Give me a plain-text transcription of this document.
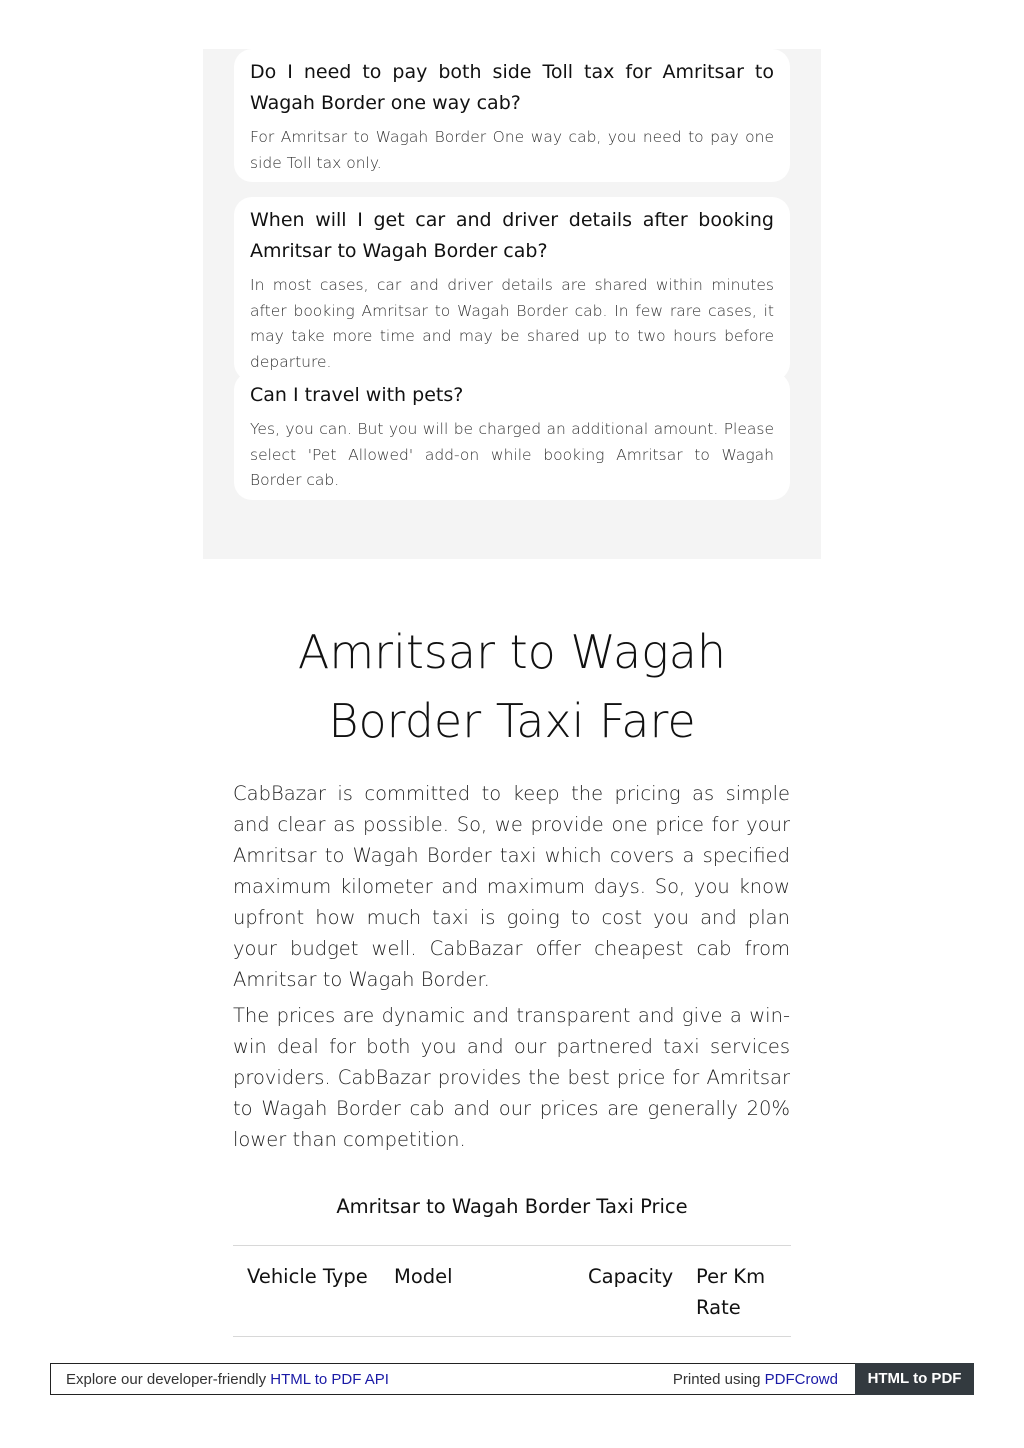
Do I need to pay both side Toll tax for Amritsar to Wagah Border one way cab?

For Amritsar to Wagah Border One way cab, you need to pay one side Toll tax only.

When will I get car and driver details after booking Amritsar to Wagah Border cab?

In most cases, car and driver details are shared within minutes after booking Amritsar to Wagah Border cab. In few rare cases, it may take more time and may be shared up to two hours before departure.

Can I travel with pets?

Yes, you can. But you will be charged an additional amount. Please select 'Pet Allowed' add-on while booking Amritsar to Wagah Border cab.

Amritsar to Wagah Border Taxi Fare

CabBazar is committed to keep the pricing as simple and clear as possible. So, we provide one price for your Amritsar to Wagah Border taxi which covers a specified maximum kilometer and maximum days. So, you know upfront how much taxi is going to cost you and plan your budget well. CabBazar offer cheapest cab from Amritsar to Wagah Border.

The prices are dynamic and transparent and give a win-win deal for both you and our partnered taxi services providers. CabBazar provides the best price for Amritsar to Wagah Border cab and our prices are generally 20% lower than competition.

Amritsar to Wagah Border Taxi Price
Vehicle Type	Model	Capacity	Per Km Rate
Explore our developer-friendly HTML to PDF API	Printed using PDFCrowd	HTML to PDF
